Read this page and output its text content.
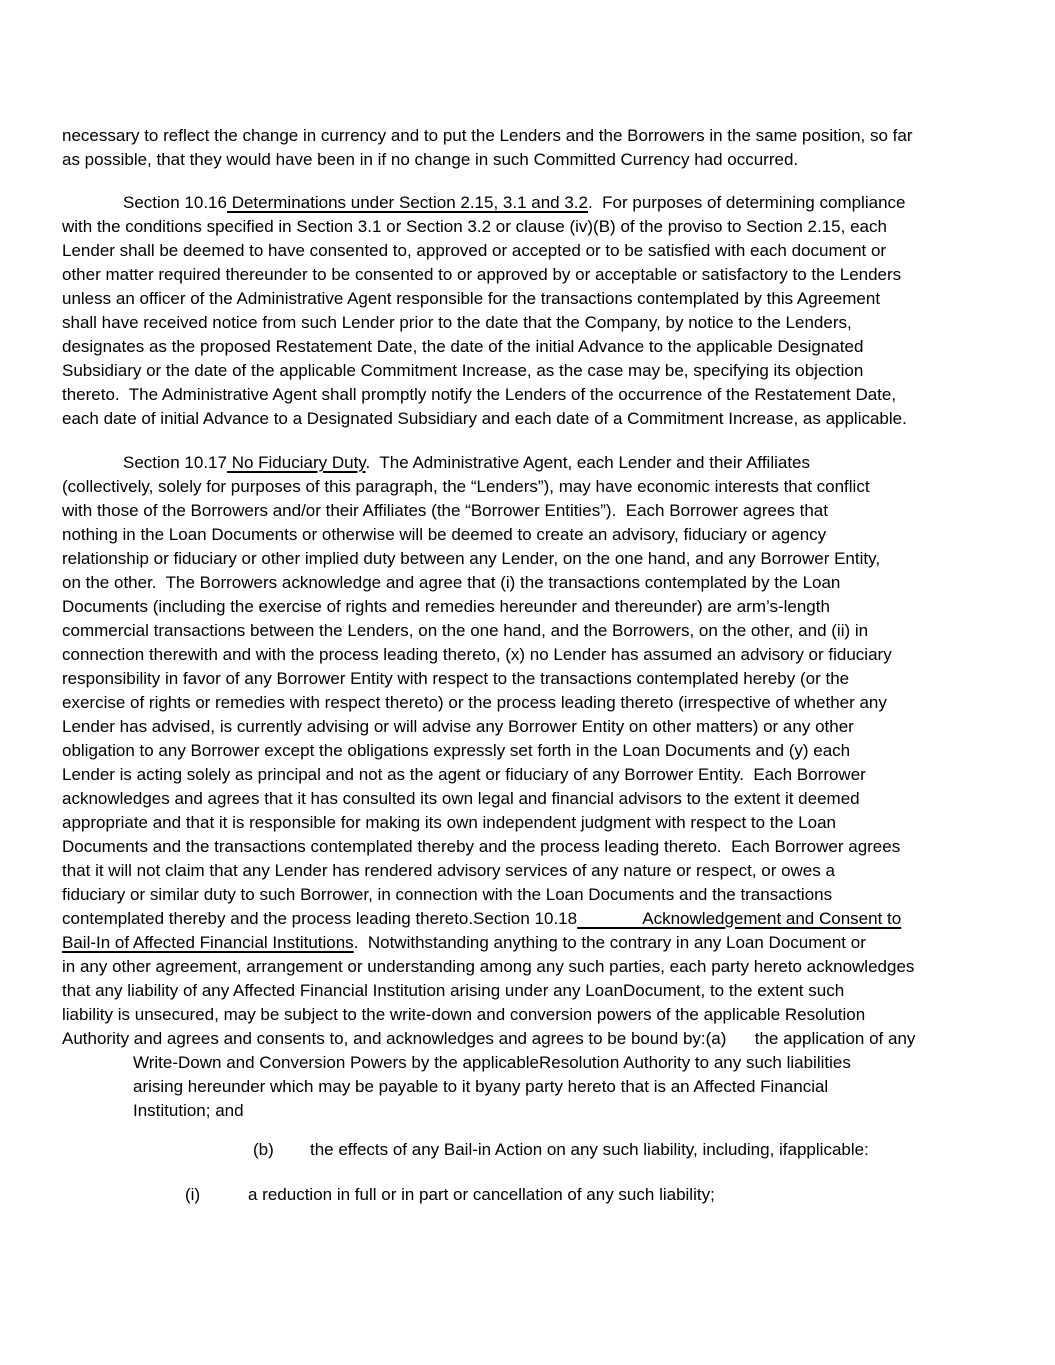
necessary to reflect the change in currency and to put the Lenders and the Borrowers in the same position, so far
as possible, that they would have been in if no change in such Committed Currency had occurred.
Section 10.16 Determinations under Section 2.15, 3.1 and 3.2.  For purposes of determining compliance
with the conditions specified in Section 3.1 or Section 3.2 or clause (iv)(B) of the proviso to Section 2.15, each
Lender shall be deemed to have consented to, approved or accepted or to be satisfied with each document or
other matter required thereunder to be consented to or approved by or acceptable or satisfactory to the Lenders
unless an officer of the Administrative Agent responsible for the transactions contemplated by this Agreement
shall have received notice from such Lender prior to the date that the Company, by notice to the Lenders,
designates as the proposed Restatement Date, the date of the initial Advance to the applicable Designated
Subsidiary or the date of the applicable Commitment Increase, as the case may be, specifying its objection
thereto.  The Administrative Agent shall promptly notify the Lenders of the occurrence of the Restatement Date,
each date of initial Advance to a Designated Subsidiary and each date of a Commitment Increase, as applicable.
Section 10.17 No Fiduciary Duty.  The Administrative Agent, each Lender and their Affiliates
(collectively, solely for purposes of this paragraph, the “Lenders”), may have economic interests that conflict
with those of the Borrowers and/or their Affiliates (the “Borrower Entities”).  Each Borrower agrees that
nothing in the Loan Documents or otherwise will be deemed to create an advisory, fiduciary or agency
relationship or fiduciary or other implied duty between any Lender, on the one hand, and any Borrower Entity,
on the other.  The Borrowers acknowledge and agree that (i) the transactions contemplated by the Loan
Documents (including the exercise of rights and remedies hereunder and thereunder) are arm’s-length
commercial transactions between the Lenders, on the one hand, and the Borrowers, on the other, and (ii) in
connection therewith and with the process leading thereto, (x) no Lender has assumed an advisory or fiduciary
responsibility in favor of any Borrower Entity with respect to the transactions contemplated hereby (or the
exercise of rights or remedies with respect thereto) or the process leading thereto (irrespective of whether any
Lender has advised, is currently advising or will advise any Borrower Entity on other matters) or any other
obligation to any Borrower except the obligations expressly set forth in the Loan Documents and (y) each
Lender is acting solely as principal and not as the agent or fiduciary of any Borrower Entity.  Each Borrower
acknowledges and agrees that it has consulted its own legal and financial advisors to the extent it deemed
appropriate and that it is responsible for making its own independent judgment with respect to the Loan
Documents and the transactions contemplated thereby and the process leading thereto.  Each Borrower agrees
that it will not claim that any Lender has rendered advisory services of any nature or respect, or owes a
fiduciary or similar duty to such Borrower, in connection with the Loan Documents and the transactions
contemplated thereby and the process leading thereto.Section 10.18              Acknowledgement and Consent to
Bail-In of Affected Financial Institutions.  Notwithstanding anything to the contrary in any Loan Document or
in any other agreement, arrangement or understanding among any such parties, each party hereto acknowledges
that any liability of any Affected Financial Institution arising under any LoanDocument, to the extent such
liability is unsecured, may be subject to the write-down and conversion powers of the applicable Resolution
Authority and agrees and consents to, and acknowledges and agrees to be bound by:(a)      the application of any
Write-Down and Conversion Powers by the applicableResolution Authority to any such liabilities
arising hereunder which may be payable to it byany party hereto that is an Affected Financial
Institution; and
(b) the effects of any Bail-in Action on any such liability, including, ifapplicable:
(i)	a reduction in full or in part or cancellation of any such liability;
